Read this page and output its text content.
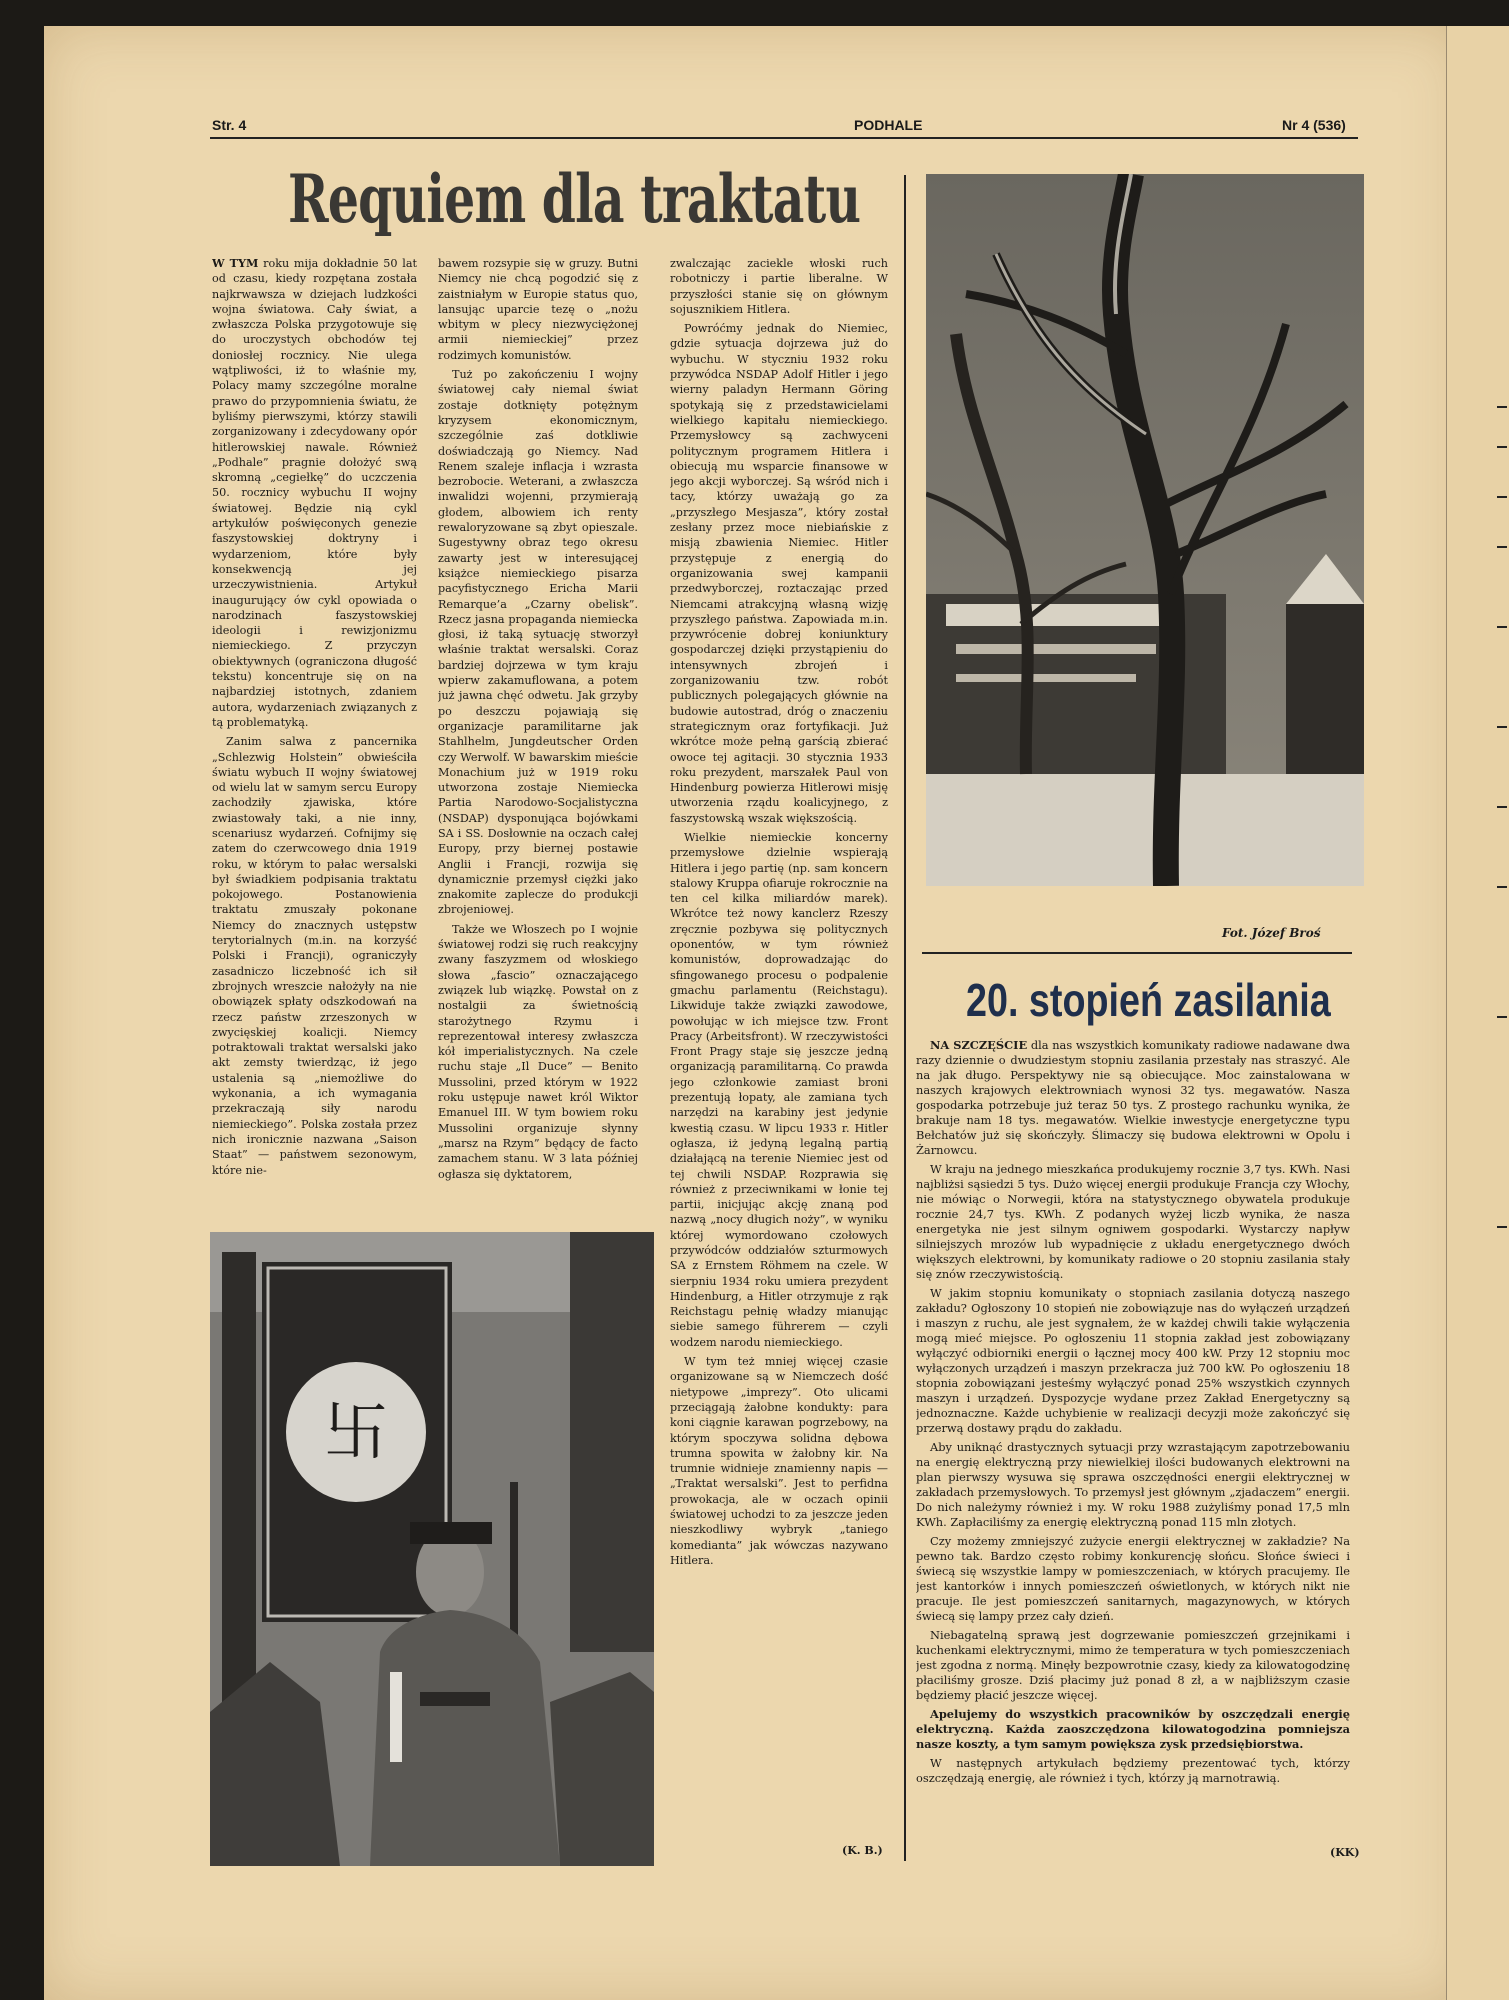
Str. 4	PODHALE	Nr 4 (536)
Requiem dla traktatu

W TYM roku mija dokładnie 50 lat od czasu, kiedy rozpętana została najkrwawsza w dziejach ludzkości wojna światowa. Cały świat, a zwłaszcza Polska przygotowuje się do uroczystych obchodów tej doniosłej rocznicy. Nie ulega wątpliwości, iż to właśnie my, Polacy mamy szczególne moralne prawo do przypomnienia światu, że byliśmy pierwszymi, którzy stawili zorganizowany i zdecydowany opór hitlerowskiej nawale. Również „Podhale” pragnie dołożyć swą skromną „cegiełkę” do uczczenia 50. rocznicy wybuchu II wojny światowej. Będzie nią cykl artykułów poświęconych genezie faszystowskiej doktryny i wydarzeniom, które były konsekwencją jej urzeczywistnienia. Artykuł inaugurujący ów cykl opowiada o narodzinach faszystowskiej ideologii i rewizjonizmu niemieckiego. Z przyczyn obiektywnych (ograniczona długość tekstu) koncentruje się on na najbardziej istotnych, zdaniem autora, wydarzeniach związanych z tą problematyką.

Zanim salwa z pancernika „Schlezwig Holstein” obwieściła światu wybuch II wojny światowej od wielu lat w samym sercu Europy zachodziły zjawiska, które zwiastowały taki, a nie inny, scenariusz wydarzeń. Cofnijmy się zatem do czerwcowego dnia 1919 roku, w którym to pałac wersalski był świadkiem podpisania traktatu pokojowego. Postanowienia traktatu zmuszały pokonane Niemcy do znacznych ustępstw terytorialnych (m.in. na korzyść Polski i Francji), ograniczyły zasadniczo liczebność ich sił zbrojnych wreszcie nałożyły na nie obowiązek spłaty odszkodowań na rzecz państw zrzeszonych w zwycięskiej koalicji. Niemcy potraktowali traktat wersalski jako akt zemsty twierdząc, iż jego ustalenia są „niemożliwe do wykonania, a ich wymagania przekraczają siły narodu niemieckiego”. Polska została przez nich ironicznie nazwana „Saison Staat” — państwem sezonowym, które nie-

bawem rozsypie się w gruzy. Butni Niemcy nie chcą pogodzić się z zaistniałym w Europie status quo, lansując uparcie tezę o „nożu wbitym w plecy niezwyciężonej armii niemieckiej” przez rodzimych komunistów.

Tuż po zakończeniu I wojny światowej cały niemal świat zostaje dotknięty potężnym kryzysem ekonomicznym, szczególnie zaś dotkliwie doświadczają go Niemcy. Nad Renem szaleje inflacja i wzrasta bezrobocie. Weterani, a zwłaszcza inwalidzi wojenni, przymierają głodem, albowiem ich renty rewaloryzowane są zbyt opieszale. Sugestywny obraz tego okresu zawarty jest w interesującej książce niemieckiego pisarza pacyfistycznego Ericha Marii Remarque’a „Czarny obelisk”. Rzecz jasna propaganda niemiecka głosi, iż taką sytuację stworzył właśnie traktat wersalski. Coraz bardziej dojrzewa w tym kraju wpierw zakamuflowana, a potem już jawna chęć odwetu. Jak grzyby po deszczu pojawiają się organizacje paramilitarne jak Stahlhelm, Jungdeutscher Orden czy Werwolf. W bawarskim mieście Monachium już w 1919 roku utworzona zostaje Niemiecka Partia Narodowo-Socjalistyczna (NSDAP) dysponująca bojówkami SA i SS. Dosłownie na oczach całej Europy, przy biernej postawie Anglii i Francji, rozwija się dynamicznie przemysł ciężki jako znakomite zaplecze do produkcji zbrojeniowej.

Także we Włoszech po I wojnie światowej rodzi się ruch reakcyjny zwany faszyzmem od włoskiego słowa „fascio” oznaczającego związek lub wiązkę. Powstał on z nostalgii za świetnością starożytnego Rzymu i reprezentował interesy zwłaszcza kół imperialistycznych. Na czele ruchu staje „Il Duce” — Benito Mussolini, przed którym w 1922 roku ustępuje nawet król Wiktor Emanuel III. W tym bowiem roku Mussolini organizuje słynny „marsz na Rzym” będący de facto zamachem stanu. W 3 lata później ogłasza się dyktatorem,

zwalczając zaciekle włoski ruch robotniczy i partie liberalne. W przyszłości stanie się on głównym sojusznikiem Hitlera.

Powróćmy jednak do Niemiec, gdzie sytuacja dojrzewa już do wybuchu. W styczniu 1932 roku przywódca NSDAP Adolf Hitler i jego wierny paladyn Hermann Göring spotykają się z przedstawicielami wielkiego kapitału niemieckiego. Przemysłowcy są zachwyceni politycznym programem Hitlera i obiecują mu wsparcie finansowe w jego akcji wyborczej. Są wśród nich i tacy, którzy uważają go za „przyszłego Mesjasza”, który został zesłany przez moce niebiańskie z misją zbawienia Niemiec. Hitler przystępuje z energią do organizowania swej kampanii przedwyborczej, roztaczając przed Niemcami atrakcyjną własną wizję przyszłego państwa. Zapowiada m.in. przywrócenie dobrej koniunktury gospodarczej dzięki przystąpieniu do intensywnych zbrojeń i zorganizowaniu tzw. robót publicznych polegających głównie na budowie autostrad, dróg o znaczeniu strategicznym oraz fortyfikacji. Już wkrótce może pełną garścią zbierać owoce tej agitacji. 30 stycznia 1933 roku prezydent, marszałek Paul von Hindenburg powierza Hitlerowi misję utworzenia rządu koalicyjnego, z faszystowską wszak większością.

Wielkie niemieckie koncerny przemysłowe dzielnie wspierają Hitlera i jego partię (np. sam koncern stalowy Kruppa ofiaruje rokrocznie na ten cel kilka miliardów marek). Wkrótce też nowy kanclerz Rzeszy zręcznie pozbywa się politycznych oponentów, w tym również komunistów, doprowadzając do sfingowanego procesu o podpalenie gmachu parlamentu (Reichstagu). Likwiduje także związki zawodowe, powołując w ich miejsce tzw. Front Pracy (Arbeitsfront). W rzeczywistości Front Pragy staje się jeszcze jedną organizacją paramilitarną. Co prawda jego członkowie zamiast broni prezentują łopaty, ale zamiana tych narzędzi na karabiny jest jedynie kwestią czasu. W lipcu 1933 r. Hitler ogłasza, iż jedyną legalną partią działającą na terenie Niemiec jest od tej chwili NSDAP. Rozprawia się również z przeciwnikami w łonie tej partii, inicjując akcję znaną pod nazwą „nocy długich noży”, w wyniku której wymordowano czołowych przywódców oddziałów szturmowych SA z Ernstem Röhmem na czele. W sierpniu 1934 roku umiera prezydent Hindenburg, a Hitler otrzymuje z rąk Reichstagu pełnię władzy mianując siebie samego führerem — czyli wodzem narodu niemieckiego.

W tym też mniej więcej czasie organizowane są w Niemczech dość nietypowe „imprezy”. Oto ulicami przeciągają żałobne kondukty: para koni ciągnie karawan pogrzebowy, na którym spoczywa solidna dębowa trumna spowita w żałobny kir. Na trumnie widnieje znamienny napis — „Traktat wersalski”. Jest to perfidna prowokacja, ale w oczach opinii światowej uchodzi to za jeszcze jeden nieszkodliwy wybryk „taniego komedianta” jak wówczas nazywano Hitlera.

(K. B.)
Fot. Józef Broś
卐
20. stopień zasilania

NA SZCZĘŚCIE dla nas wszystkich komunikaty radiowe nadawane dwa razy dziennie o dwudziestym stopniu zasilania przestały nas straszyć. Ale na jak długo. Perspektywy nie są obiecujące. Moc zainstalowana w naszych krajowych elektrowniach wynosi 32 tys. megawatów. Nasza gospodarka potrzebuje już teraz 50 tys. Z prostego rachunku wynika, że brakuje nam 18 tys. megawatów. Wielkie inwestycje energetyczne typu Bełchatów już się skończyły. Ślimaczy się budowa elektrowni w Opolu i Żarnowcu.

W kraju na jednego mieszkańca produkujemy rocznie 3,7 tys. KWh. Nasi najbliżsi sąsiedzi 5 tys. Dużo więcej energii produkuje Francja czy Włochy, nie mówiąc o Norwegii, która na statystycznego obywatela produkuje rocznie 24,7 tys. KWh. Z podanych wyżej liczb wynika, że nasza energetyka nie jest silnym ogniwem gospodarki. Wystarczy napływ silniejszych mrozów lub wypadnięcie z układu energetycznego dwóch większych elektrowni, by komunikaty radiowe o 20 stopniu zasilania stały się znów rzeczywistością.

W jakim stopniu komunikaty o stopniach zasilania dotyczą naszego zakładu? Ogłoszony 10 stopień nie zobowiązuje nas do wyłączeń urządzeń i maszyn z ruchu, ale jest sygnałem, że w każdej chwili takie wyłączenia mogą mieć miejsce. Po ogłoszeniu 11 stopnia zakład jest zobowiązany wyłączyć odbiorniki energii o łącznej mocy 400 kW. Przy 12 stopniu moc wyłączonych urządzeń i maszyn przekracza już 700 kW. Po ogłoszeniu 18 stopnia zobowiązani jesteśmy wyłączyć ponad 25% wszystkich czynnych maszyn i urządzeń. Dyspozycje wydane przez Zakład Energetyczny są jednoznaczne. Każde uchybienie w realizacji decyzji może zakończyć się przerwą dostawy prądu do zakładu.

Aby uniknąć drastycznych sytuacji przy wzrastającym zapotrzebowaniu na energię elektryczną przy niewielkiej ilości budowanych elektrowni na plan pierwszy wysuwa się sprawa oszczędności energii elektrycznej w zakładach przemysłowych. To przemysł jest głównym „zjadaczem” energii. Do nich należymy również i my. W roku 1988 zużyliśmy ponad 17,5 mln KWh. Zapłaciliśmy za energię elektryczną ponad 115 mln złotych.

Czy możemy zmniejszyć zużycie energii elektrycznej w zakładzie? Na pewno tak. Bardzo często robimy konkurencję słońcu. Słońce świeci i świecą się wszystkie lampy w pomieszczeniach, w których pracujemy. Ile jest kantorków i innych pomieszczeń oświetlonych, w których nikt nie pracuje. Ile jest pomieszczeń sanitarnych, magazynowych, w których świecą się lampy przez cały dzień.

Niebagatelną sprawą jest dogrzewanie pomieszczeń grzejnikami i kuchenkami elektrycznymi, mimo że temperatura w tych pomieszczeniach jest zgodna z normą. Minęły bezpowrotnie czasy, kiedy za kilowatogodzinę płaciliśmy grosze. Dziś płacimy już ponad 8 zł, a w najbliższym czasie będziemy płacić jeszcze więcej.

Apelujemy do wszystkich pracowników by oszczędzali energię elektryczną. Każda zaoszczędzona kilowatogodzina pomniejsza nasze koszty, a tym samym powiększa zysk przedsiębiorstwa.

W następnych artykułach będziemy prezentować tych, którzy oszczędzają energię, ale również i tych, którzy ją marnotrawią.

(KK)
